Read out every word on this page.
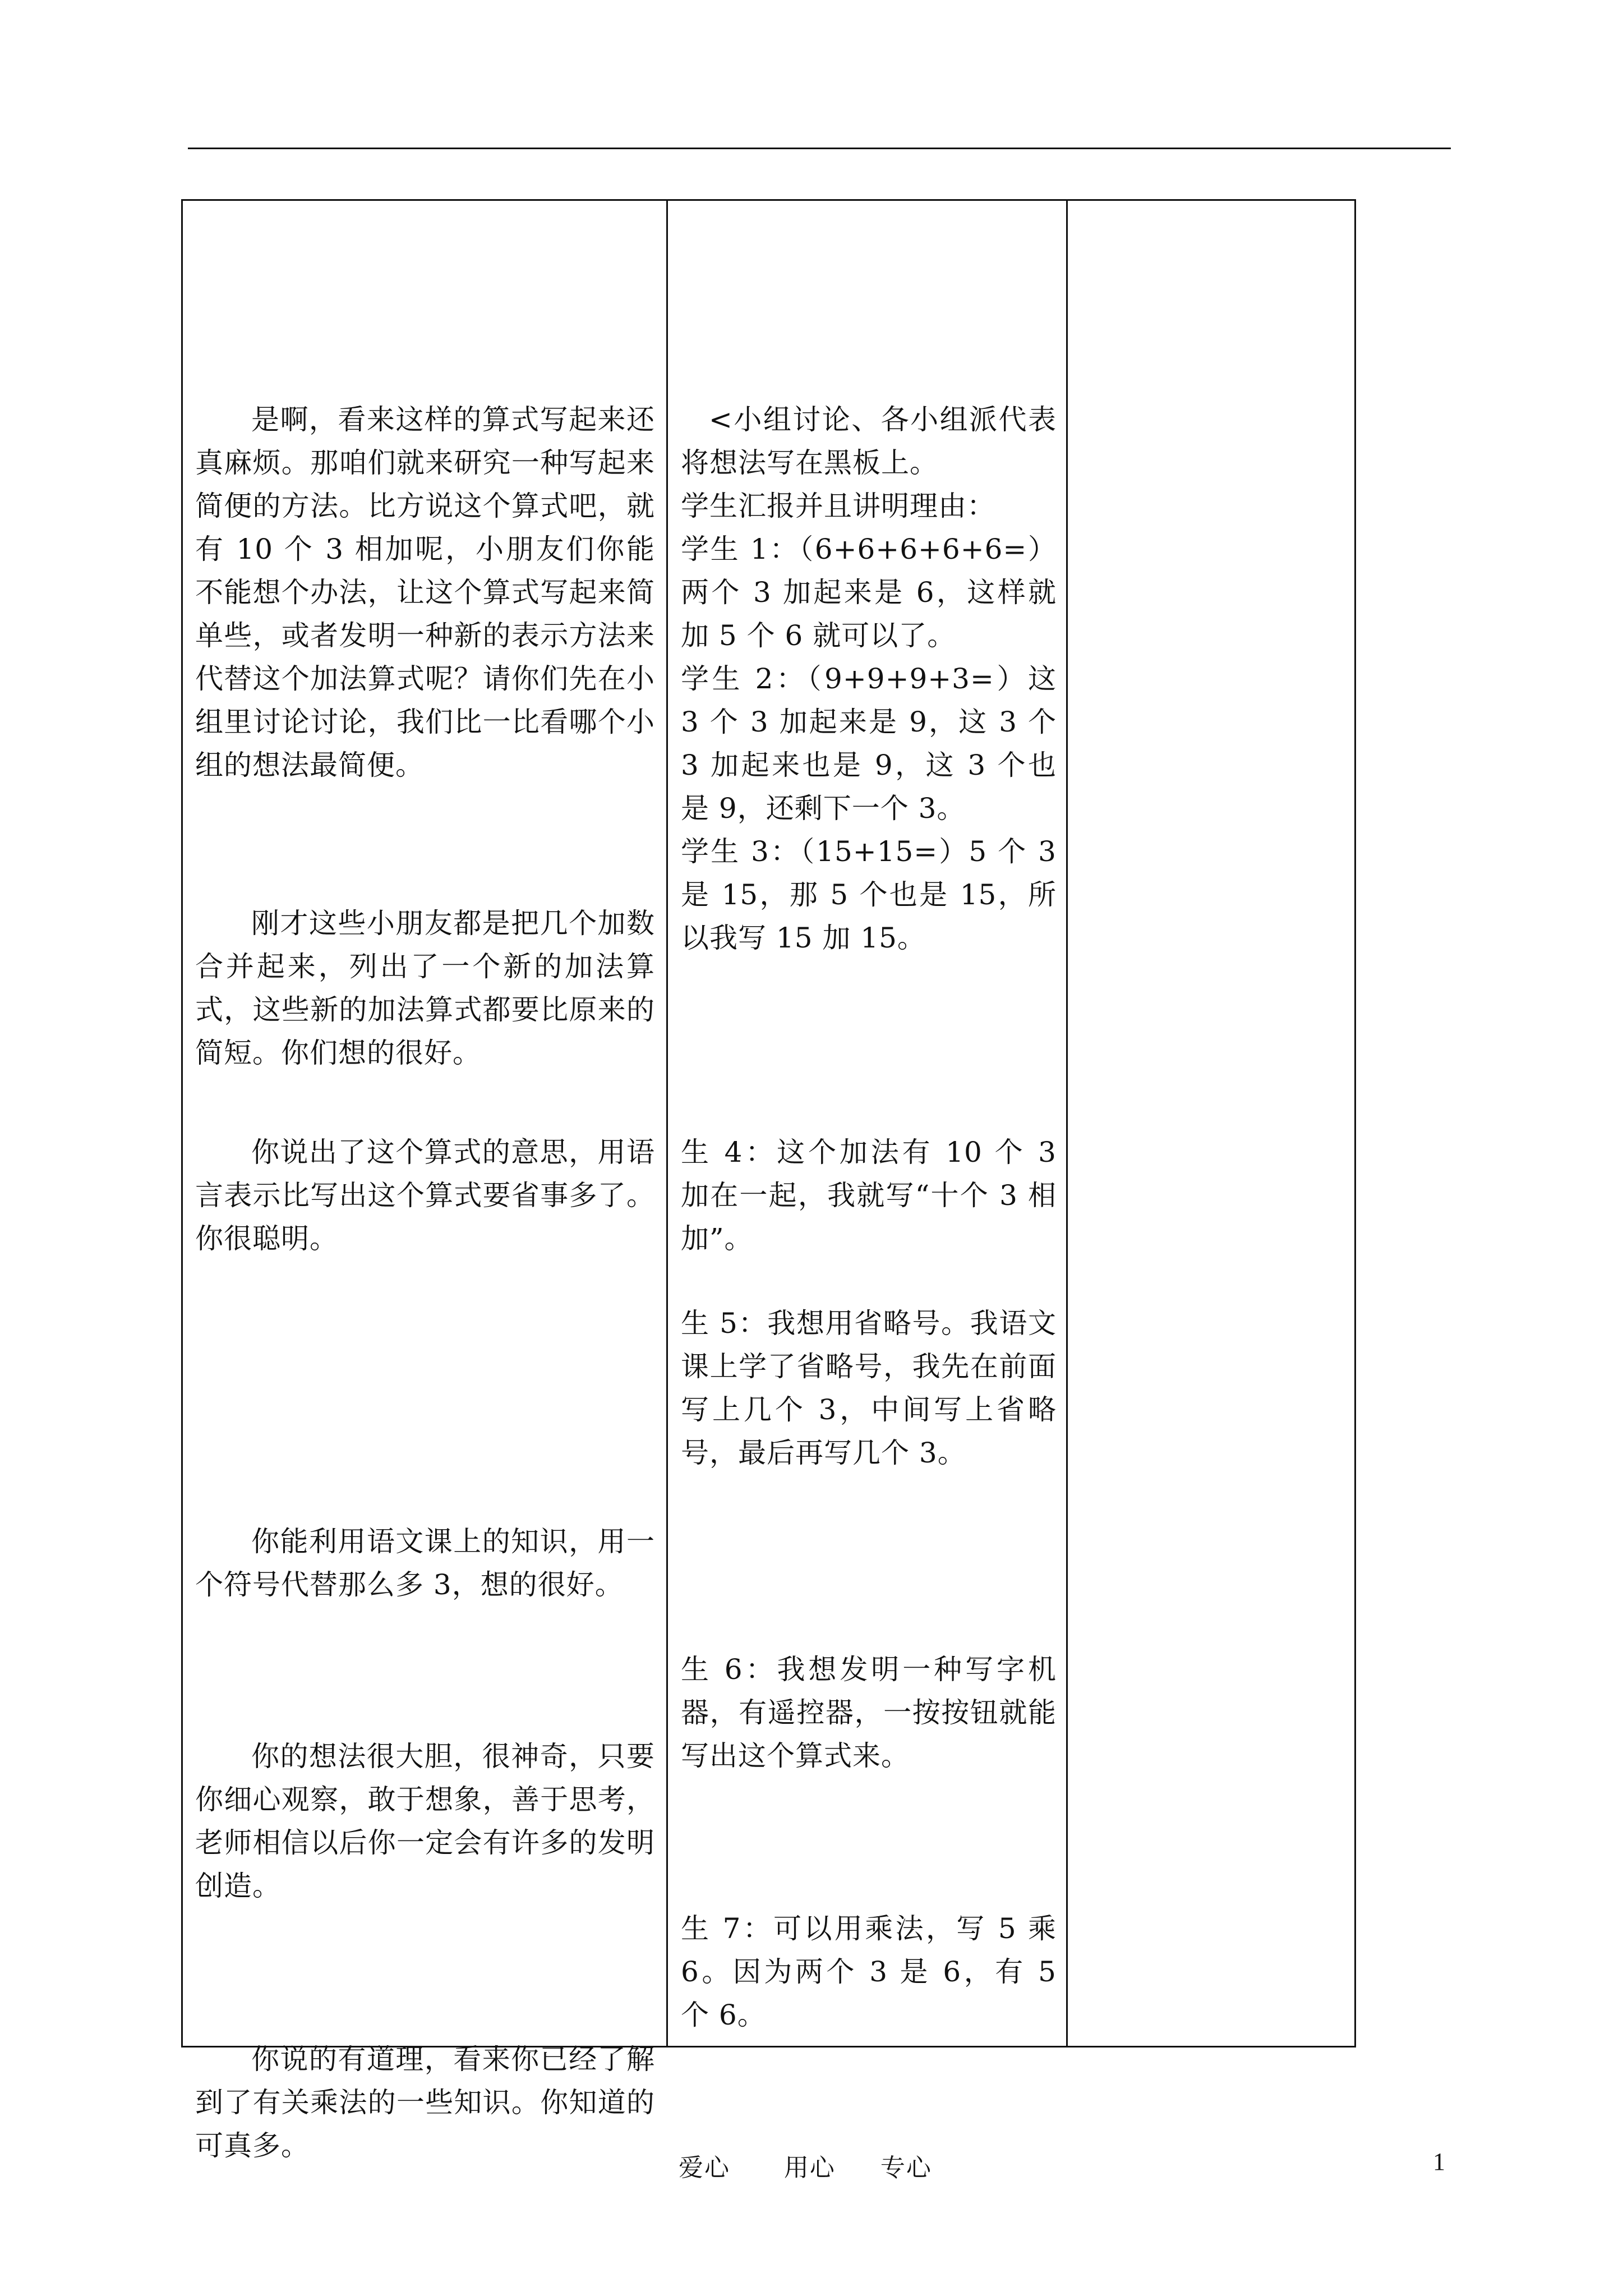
是啊，看来这样的算式写起来还真麻烦。那咱们就来研究一种写起来简便的方法。比方说这个算式吧，就有 10 个 3 相加呢，小朋友们你能不能想个办法，让这个算式写起来简单些，或者发明一种新的表示方法来代替这个加法算式呢？请你们先在小组里讨论讨论，我们比一比看哪个小组的想法最简便。

刚才这些小朋友都是把几个加数合并起来，列出了一个新的加法算式，这些新的加法算式都要比原来的简短。你们想的很好。

你说出了这个算式的意思，用语言表示比写出这个算式要省事多了。你很聪明。

你能利用语文课上的知识，用一个符号代替那么多 3，想的很好。

你的想法很大胆，很神奇，只要你细心观察，敢于想象，善于思考，老师相信以后你一定会有许多的发明创造。

你说的有道理，看来你已经了解到了有关乘法的一些知识。你知道的可真多。

<小组讨论、各小组派代表将想法写在黑板上。

学生汇报并且讲明理由：

学生 1：（6+6+6+6+6=）两个 3 加起来是 6，这样就加 5 个 6 就可以了。

学生 2：（9+9+9+3=）这 3 个 3 加起来是 9，这 3 个 3 加起来也是 9，这 3 个也是 9，还剩下一个 3。

学生 3：（15+15=）5 个 3 是 15，那 5 个也是 15，所以我写 15 加 15。

生 4：这个加法有 10 个 3 加在一起，我就写“十个 3 相加”。

生 5：我想用省略号。我语文课上学了省略号，我先在前面写上几个 3，中间写上省略号，最后再写几个 3。

生 6：我想发明一种写字机器，有遥控器，一按按钮就能写出这个算式来。

生 7：可以用乘法，写 5 乘 6。因为两个 3 是 6，有 5 个 6。

爱心      用心     专心	1
